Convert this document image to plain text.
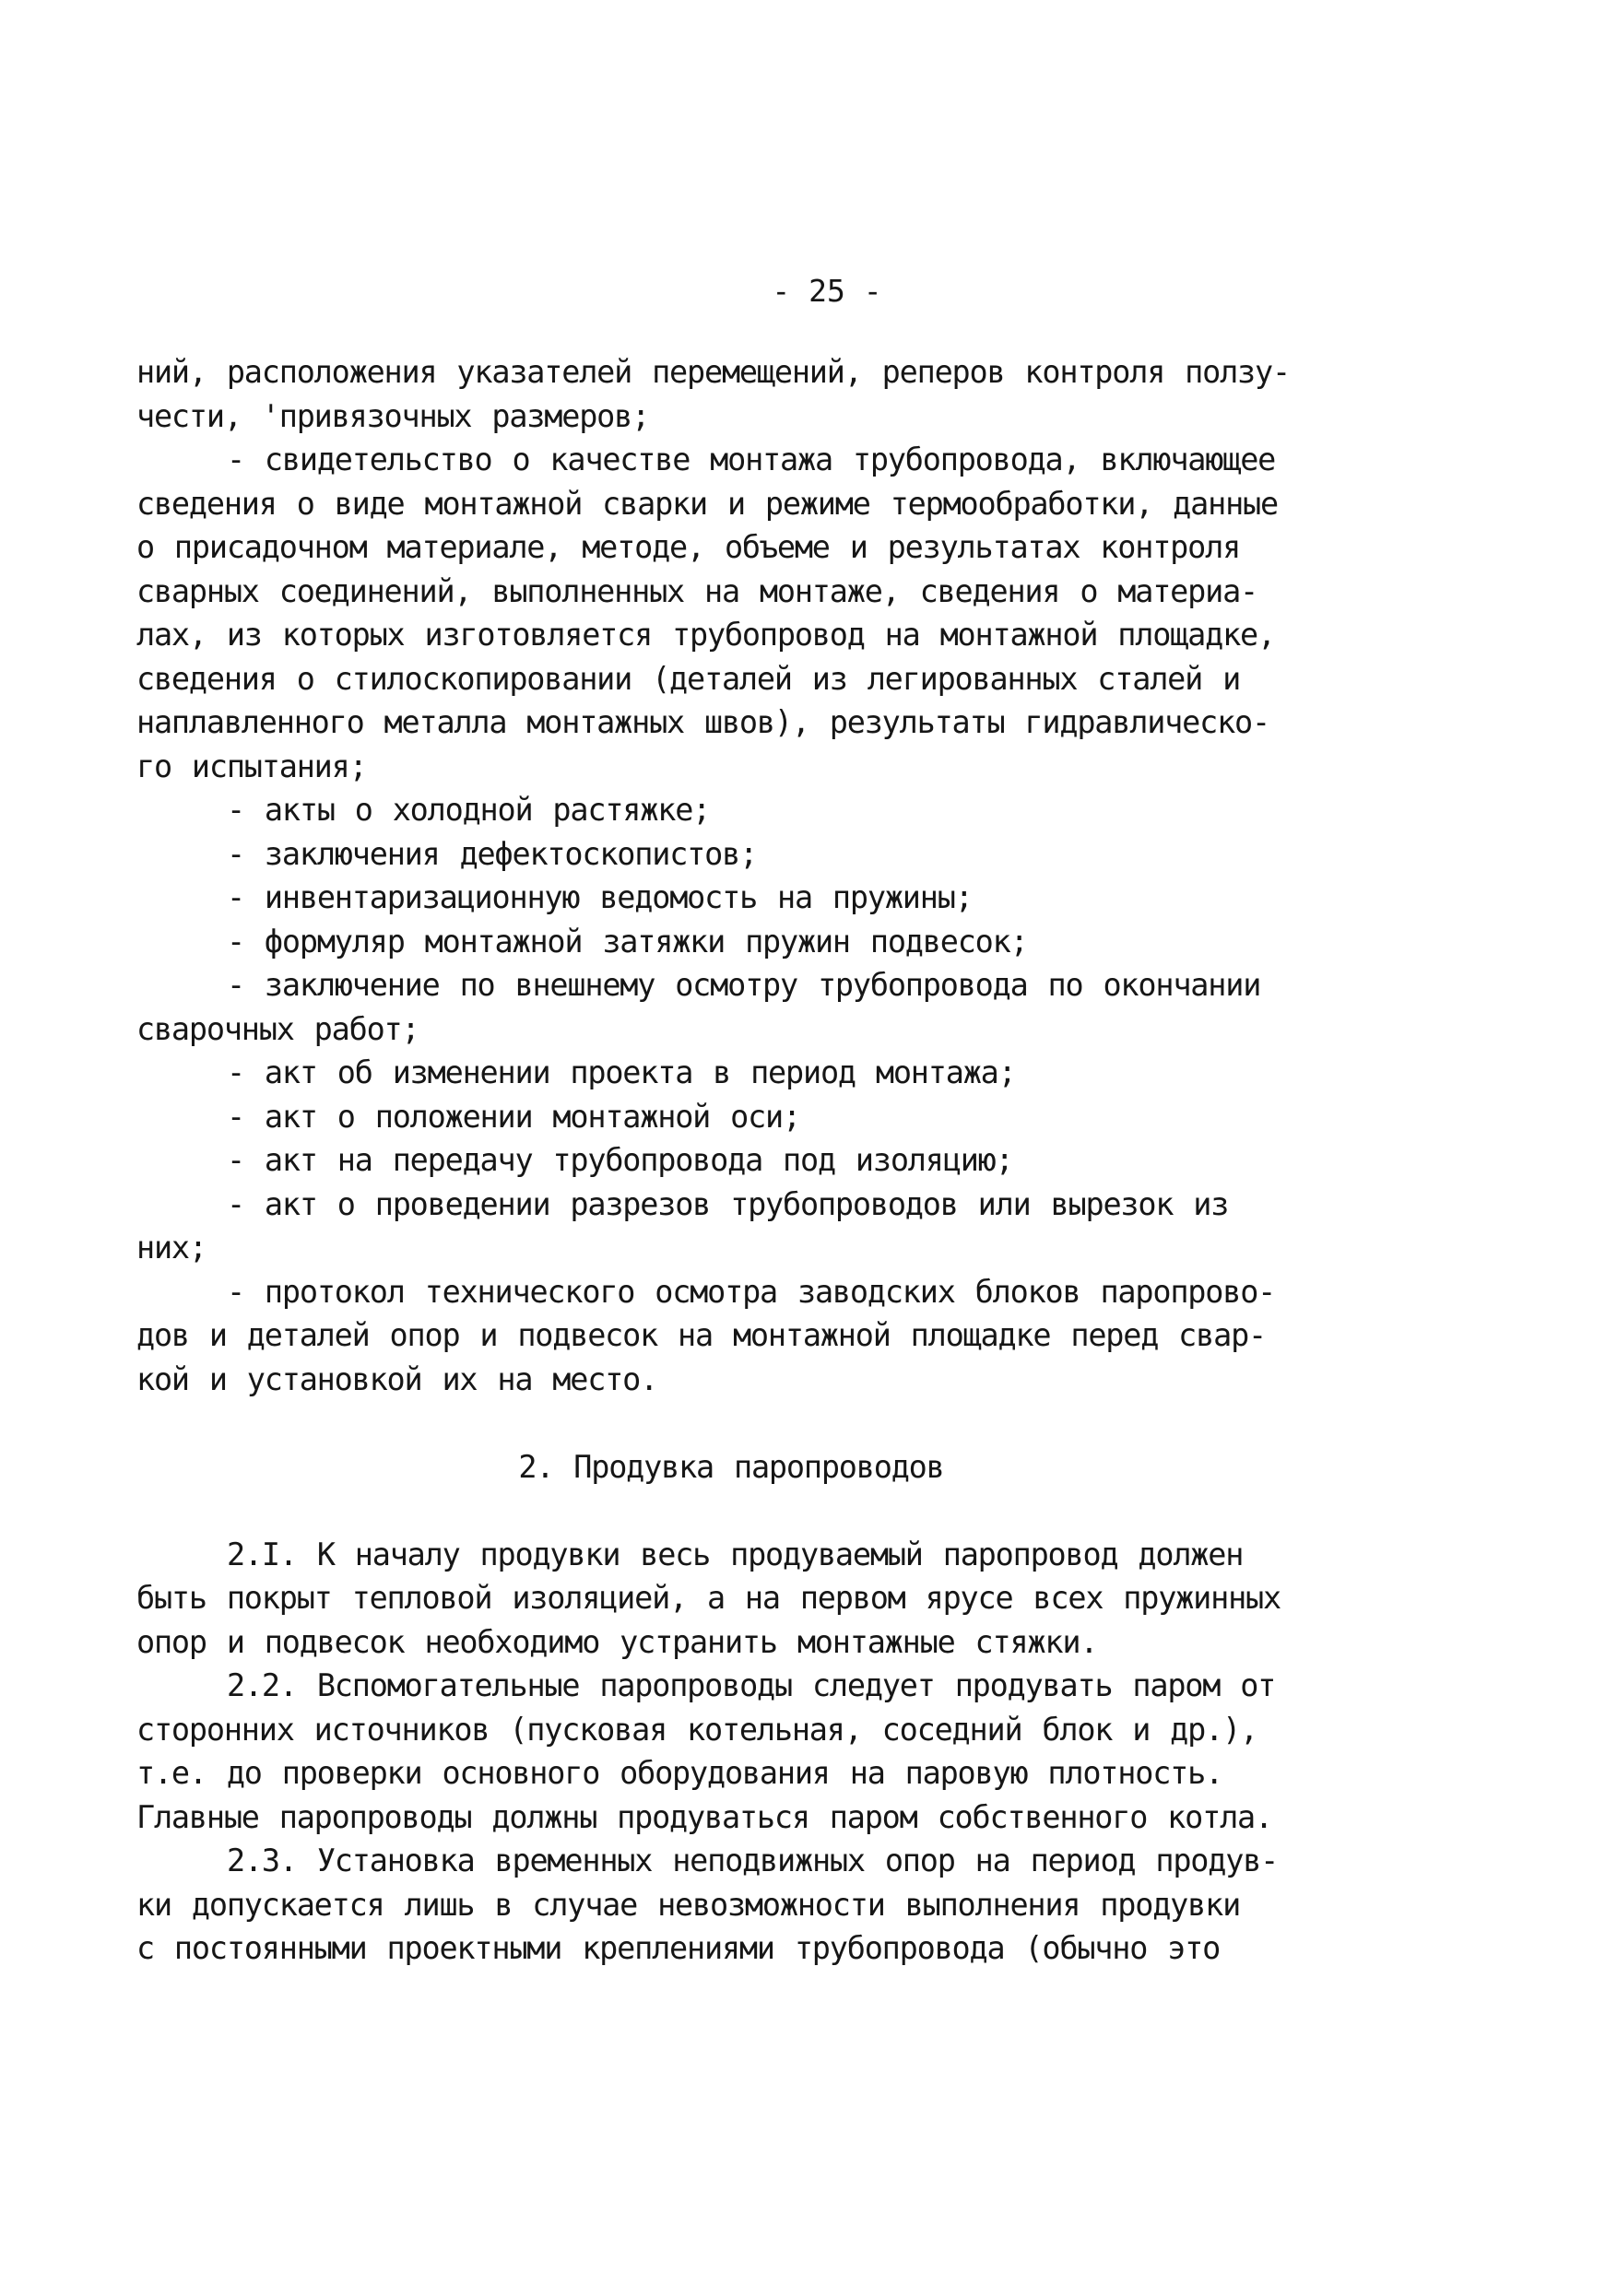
- 25 -
ний, расположения указателей перемещений, реперов контроля ползу-
чести, 'привязочных размеров;
- свидетельство о качестве монтажа трубопровода, включающее
сведения о виде монтажной сварки и режиме термообработки, данные
о присадочном материале, методе, объеме и результатах контроля
сварных соединений, выполненных на монтаже, сведения о материа-
лах, из которых изготовляется трубопровод на монтажной площадке,
сведения о стилоскопировании (деталей из легированных сталей и
наплавленного металла монтажных швов), результаты гидравлическо-
го испытания;
- акты о холодной растяжке;
- заключения дефектоскопистов;
- инвентаризационную ведомость на пружины;
- формуляр монтажной затяжки пружин подвесок;
- заключение по внешнему осмотру трубопровода по окончании
сварочных работ;
- акт об изменении проекта в период монтажа;
- акт о положении монтажной оси;
- акт на передачу трубопровода под изоляцию;
- акт о проведении разрезов трубопроводов или вырезок из
них;
- протокол технического осмотра заводских блоков паропрово-
дов и деталей опор и подвесок на монтажной площадке перед свар-
кой и установкой их на место.
2. Продувка паропроводов
2.I. К началу продувки весь продуваемый паропровод должен
быть покрыт тепловой изоляцией, а на первом ярусе всех пружинных
опор и подвесок необходимо устранить монтажные стяжки.
2.2. Вспомогательные паропроводы следует продувать паром от
сторонних источников (пусковая котельная, соседний блок и др.),
т.е. до проверки основного оборудования на паровую плотность.
Главные паропроводы должны продуваться паром собственного котла.
2.3. Установка временных неподвижных опор на период продув-
ки допускается лишь в случае невозможности выполнения продувки
с постоянными проектными креплениями трубопровода (обычно это
